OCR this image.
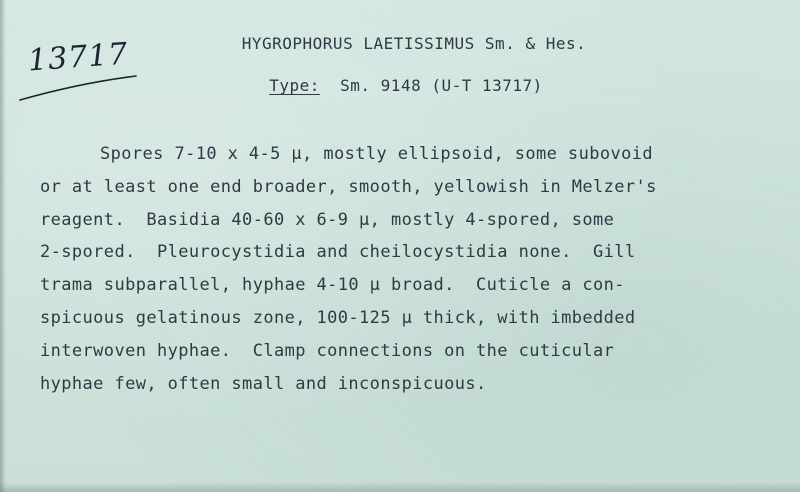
13717	HYGROPHORUS LAETISSIMUS Sm. & Hes.
Type: Sm. 9148 (U-T 13717)
Spores 7-10 x 4-5 μ, mostly ellipsoid, some subovoid
or at least one end broader, smooth, yellowish in Melzer's
reagent.  Basidia 40-60 x 6-9 μ, mostly 4-spored, some
2-spored.  Pleurocystidia and cheilocystidia none.  Gill
trama subparallel, hyphae 4-10 μ broad.  Cuticle a con-
spicuous gelatinous zone, 100-125 μ thick, with imbedded
interwoven hyphae.  Clamp connections on the cuticular
hyphae few, often small and inconspicuous.
